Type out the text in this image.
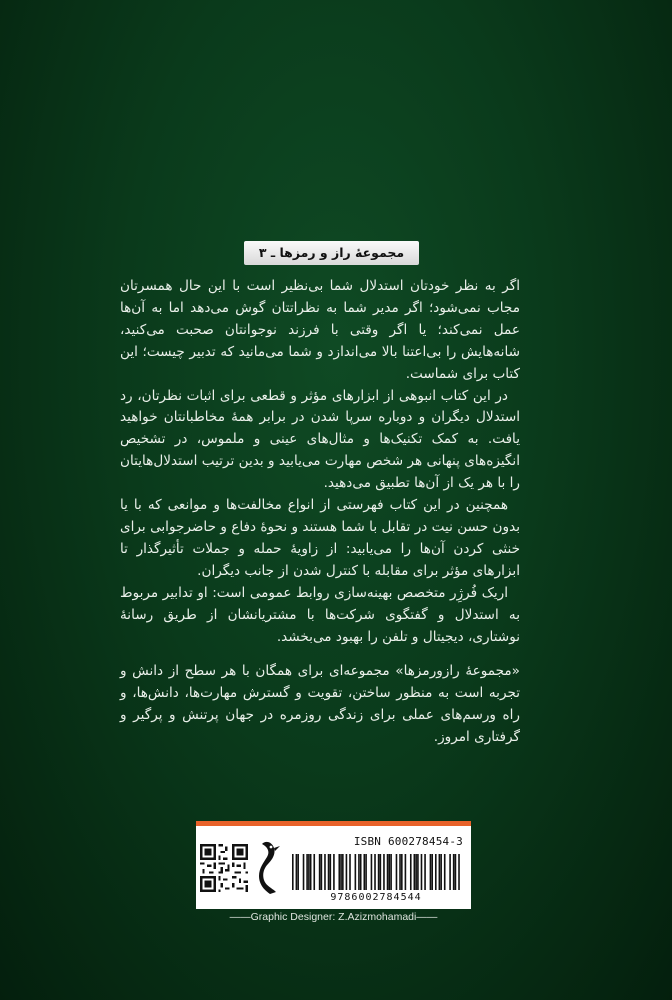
مجموعهٔ راز و رمزها ـ ۳

اگر به نظر خودتان استدلال شما بی‌نظیر است با این حال همسرتان مجاب نمی‌شود؛ اگر مدیر شما به نظراتتان گوش می‌دهد اما به آن‌ها عمل نمی‌کند؛ یا اگر وقتی با فرزند نوجوانتان صحبت می‌کنید، شانه‌هایش را بی‌اعتنا بالا می‌اندازد و شما می‌مانید که تدبیر چیست؛ این کتاب برای شماست.

در این کتاب انبوهی از ابزارهای مؤثر و قطعی برای اثبات نظرتان، رد استدلال دیگران و دوباره سرپا شدن در برابر همهٔ مخاطبانتان خواهید یافت. به کمک تکنیک‌ها و مثال‌های عینی و ملموس، در تشخیص انگیزه‌های پنهانی هر شخص مهارت می‌یابید و بدین ترتیب استدلال‌هایتان را با هر یک از آن‌ها تطبیق می‌دهید.

همچنین در این کتاب فهرستی از انواع مخالفت‌ها و موانعی که با یا بدون حسن نیت در تقابل با شما هستند و نحوهٔ دفاع و حاضرجوابی برای خنثی کردن آن‌ها را می‌یابید: از زاویهٔ حمله و جملات تأثیرگذار تا ابزارهای مؤثر برای مقابله با کنترل شدن از جانب دیگران.

اریک فُرژِر متخصص بهینه‌سازی روابط عمومی است: او تدابیر مربوط به استدلال و گفتگوی شرکت‌ها با مشتریانشان از طریق رسانهٔ نوشتاری، دیجیتال و تلفن را بهبود می‌بخشد.

«مجموعهٔ رازورمزها» مجموعه‌ای برای همگان با هر سطح از دانش و تجربه است به منظور ساختن، تقویت و گسترش مهارت‌ها، دانش‌ها، و راه ورسم‌های عملی برای زندگی روزمره در جهان پرتنش و پرگیر و گرفتاری امروز.

ISBN 600278454-3
9786002784544
——Graphic Designer: Z.Azizmohamadi——
